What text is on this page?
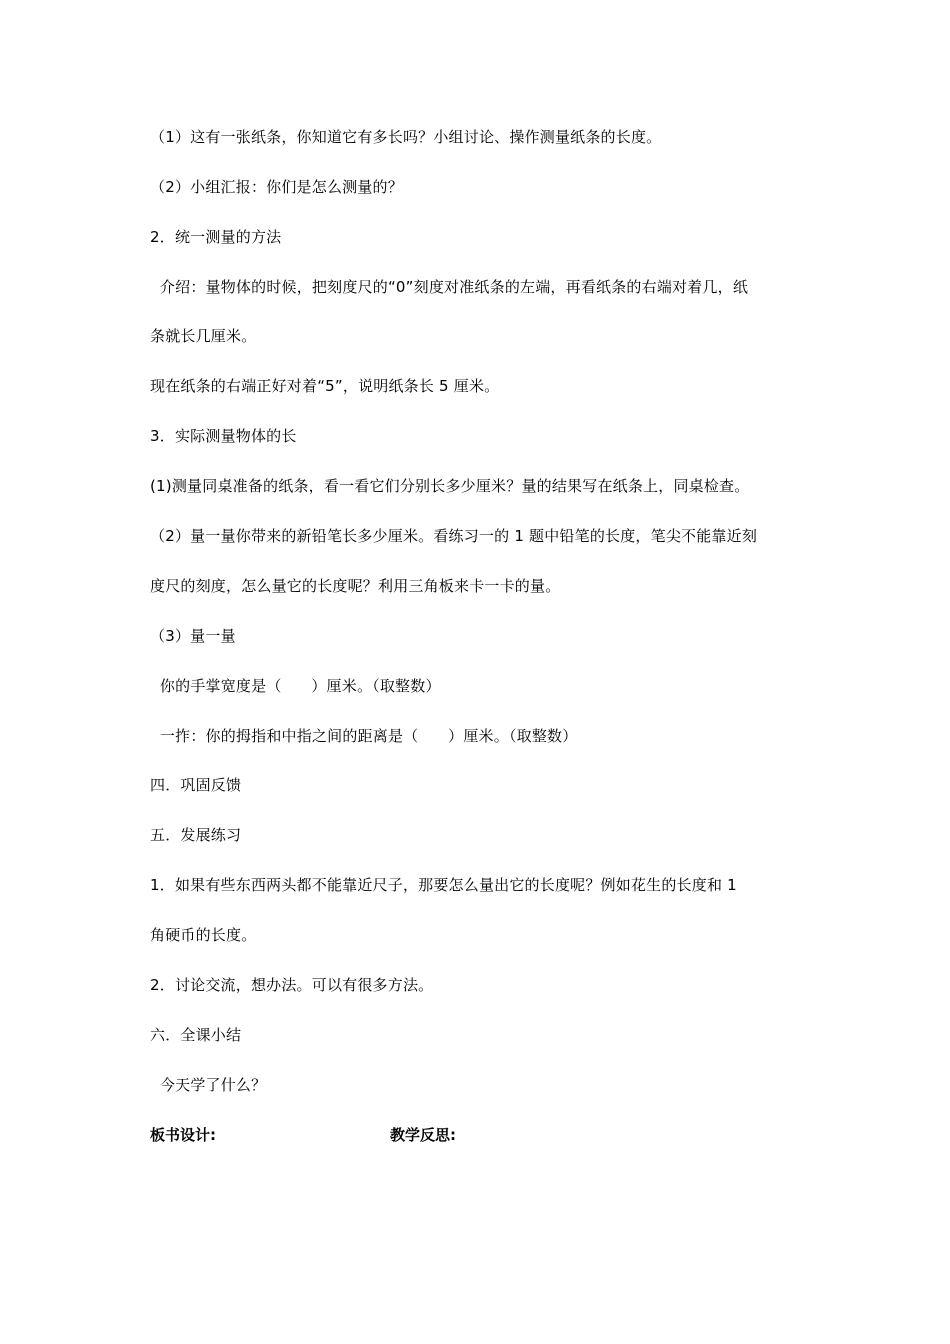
（1）这有一张纸条，你知道它有多长吗？小组讨论、操作测量纸条的长度。
（2）小组汇报：你们是怎么测量的？
2．统一测量的方法
介绍：量物体的时候，把刻度尺的“0”刻度对准纸条的左端，再看纸条的右端对着几，纸
条就长几厘米。
现在纸条的右端正好对着“5”，说明纸条长 5 厘米。
3．实际测量物体的长
(1)测量同桌准备的纸条，看一看它们分别长多少厘米？量的结果写在纸条上，同桌检查。
（2）量一量你带来的新铅笔长多少厘米。看练习一的 1 题中铅笔的长度，笔尖不能靠近刻
度尺的刻度，怎么量它的长度呢？利用三角板来卡一卡的量。
（3）量一量
你的手掌宽度是（      ）厘米。（取整数）
一拃：你的拇指和中指之间的距离是（      ）厘米。（取整数）
四．巩固反馈
五．发展练习
1．如果有些东西两头都不能靠近尺子，那要怎么量出它的长度呢？例如花生的长度和 1
角硬币的长度。
2．讨论交流，想办法。可以有很多方法。
六．全课小结
今天学了什么？
板书设计:	教学反思:
